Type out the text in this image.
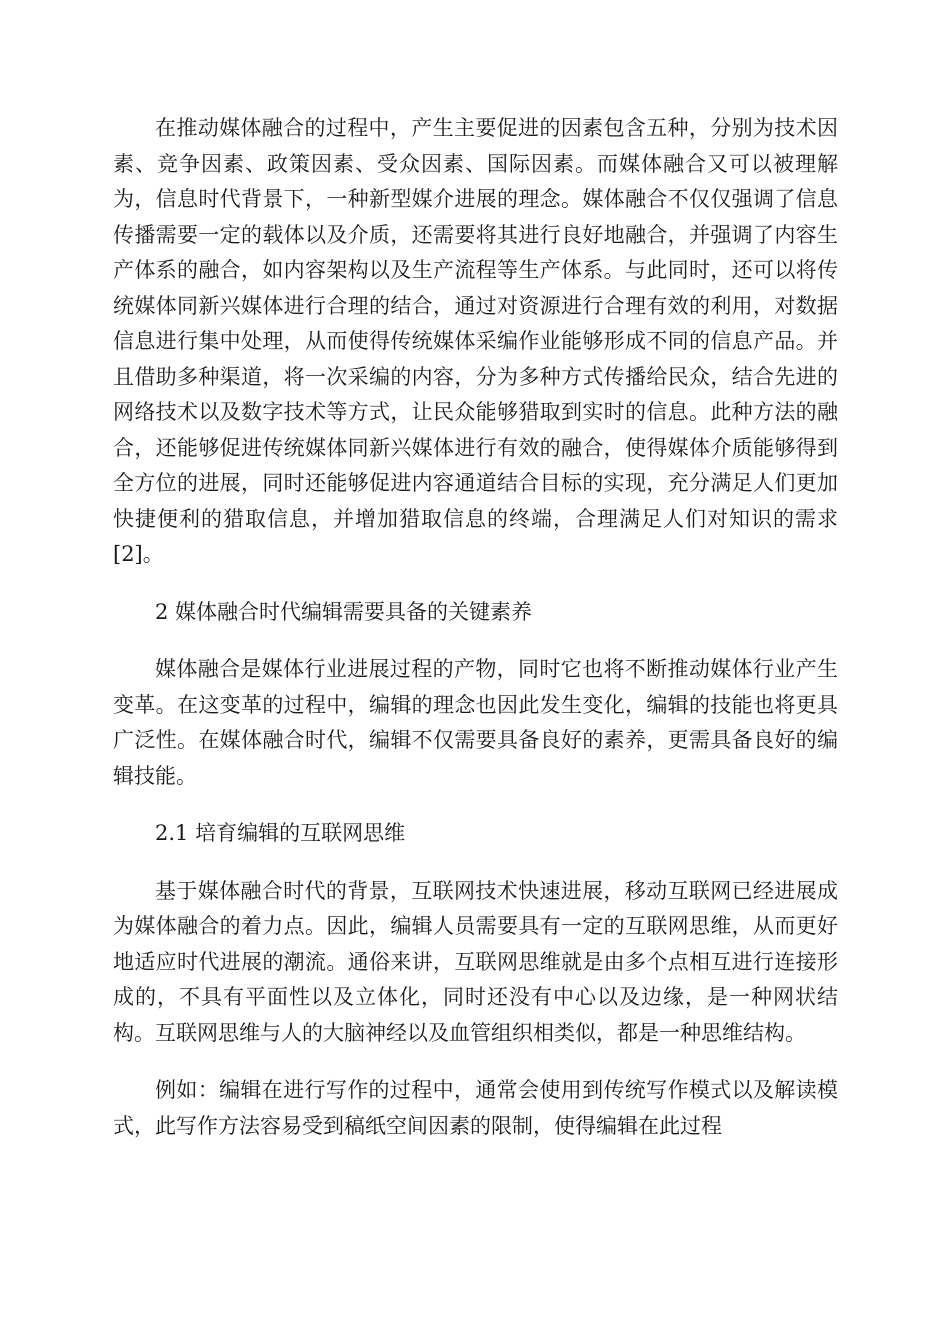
在推动媒体融合的过程中，产生主要促进的因素包含五种，分别为技术因素、竞争因素、政策因素、受众因素、国际因素。而媒体融合又可以被理解为，信息时代背景下，一种新型媒介进展的理念。媒体融合不仅仅强调了信息传播需要一定的载体以及介质，还需要将其进行良好地融合，并强调了内容生产体系的融合，如内容架构以及生产流程等生产体系。与此同时，还可以将传统媒体同新兴媒体进行合理的结合，通过对资源进行合理有效的利用，对数据信息进行集中处理，从而使得传统媒体采编作业能够形成不同的信息产品。并且借助多种渠道，将一次采编的内容，分为多种方式传播给民众，结合先进的网络技术以及数字技术等方式，让民众能够猎取到实时的信息。此种方法的融合，还能够促进传统媒体同新兴媒体进行有效的融合，使得媒体介质能够得到全方位的进展，同时还能够促进内容通道结合目标的实现，充分满足人们更加快捷便利的猎取信息，并增加猎取信息的终端，合理满足人们对知识的需求[2]。

2 媒体融合时代编辑需要具备的关键素养

媒体融合是媒体行业进展过程的产物，同时它也将不断推动媒体行业产生变革。在这变革的过程中，编辑的理念也因此发生变化，编辑的技能也将更具广泛性。在媒体融合时代，编辑不仅需要具备良好的素养，更需具备良好的编辑技能。

2.1 培育编辑的互联网思维

基于媒体融合时代的背景，互联网技术快速进展，移动互联网已经进展成为媒体融合的着力点。因此，编辑人员需要具有一定的互联网思维，从而更好地适应时代进展的潮流。通俗来讲，互联网思维就是由多个点相互进行连接形成的，不具有平面性以及立体化，同时还没有中心以及边缘，是一种网状结构。互联网思维与人的大脑神经以及血管组织相类似，都是一种思维结构。

例如：编辑在进行写作的过程中，通常会使用到传统写作模式以及解读模式，此写作方法容易受到稿纸空间因素的限制，使得编辑在此过程
